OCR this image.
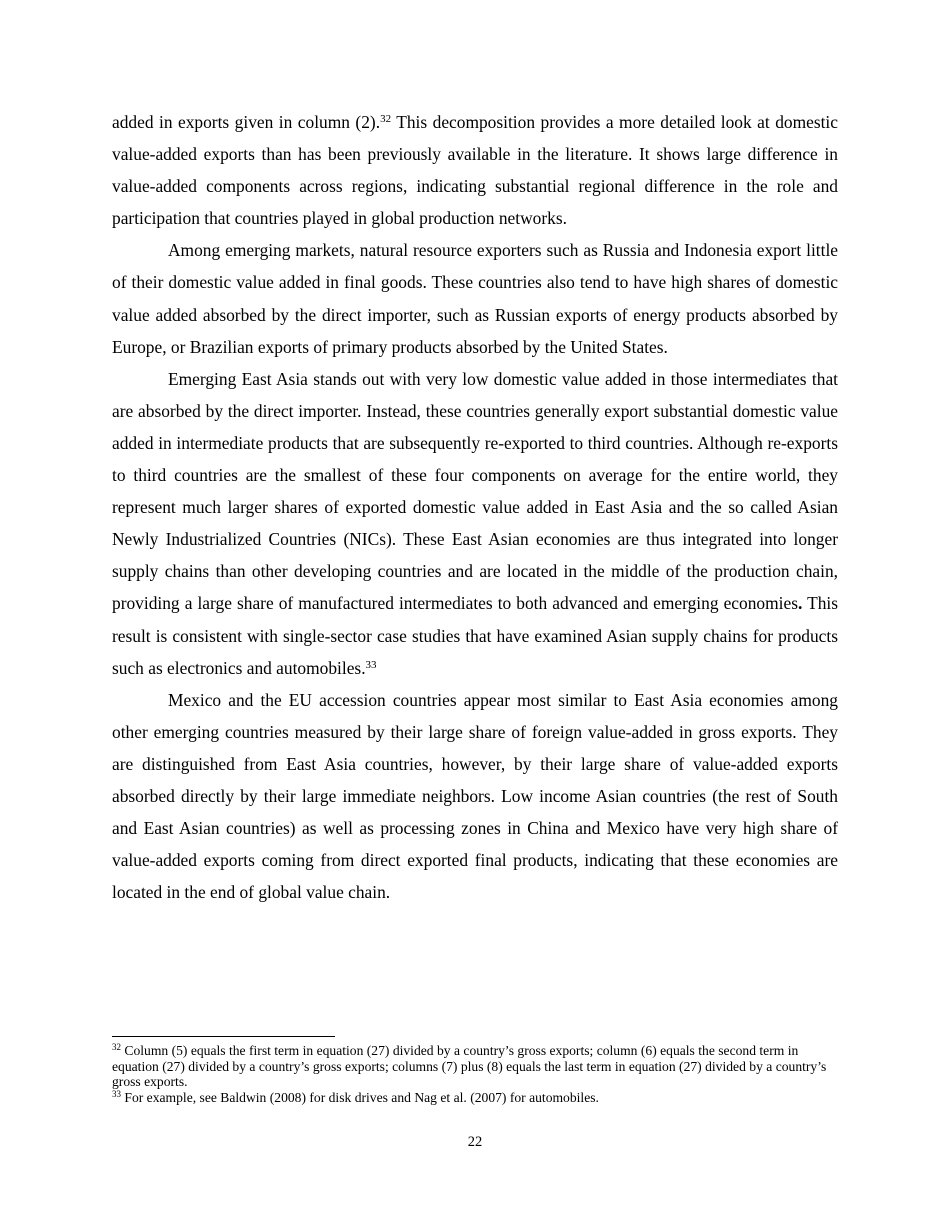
added in exports given in column (2).$^{32}$ This decomposition provides a more detailed look at domestic value-added exports than has been previously available in the literature. It shows large difference in value-added components across regions, indicating substantial regional difference in the role and participation that countries played in global production networks.

Among emerging markets, natural resource exporters such as Russia and Indonesia export little of their domestic value added in final goods. These countries also tend to have high shares of domestic value added absorbed by the direct importer, such as Russian exports of energy products absorbed by Europe, or Brazilian exports of primary products absorbed by the United States.

Emerging East Asia stands out with very low domestic value added in those intermediates that are absorbed by the direct importer. Instead, these countries generally export substantial domestic value added in intermediate products that are subsequently re-exported to third countries. Although re-exports to third countries are the smallest of these four components on average for the entire world, they represent much larger shares of exported domestic value added in East Asia and the so called Asian Newly Industrialized Countries (NICs). These East Asian economies are thus integrated into longer supply chains than other developing countries and are located in the middle of the production chain, providing a large share of manufactured intermediates to both advanced and emerging economies. This result is consistent with single-sector case studies that have examined Asian supply chains for products such as electronics and automobiles.$^{33}$

Mexico and the EU accession countries appear most similar to East Asia economies among other emerging countries measured by their large share of foreign value-added in gross exports. They are distinguished from East Asia countries, however, by their large share of value-added exports absorbed directly by their large immediate neighbors. Low income Asian countries (the rest of South and East Asian countries) as well as processing zones in China and Mexico have very high share of value-added exports coming from direct exported final products, indicating that these economies are located in the end of global value chain.

$^{32}$ Column (5) equals the first term in equation (27) divided by a country’s gross exports; column (6) equals the second term in equation (27) divided by a country’s gross exports; columns (7) plus (8) equals the last term in equation (27) divided by a country’s gross exports.

$^{33}$ For example, see Baldwin (2008) for disk drives and Nag et al. (2007) for automobiles.

22
